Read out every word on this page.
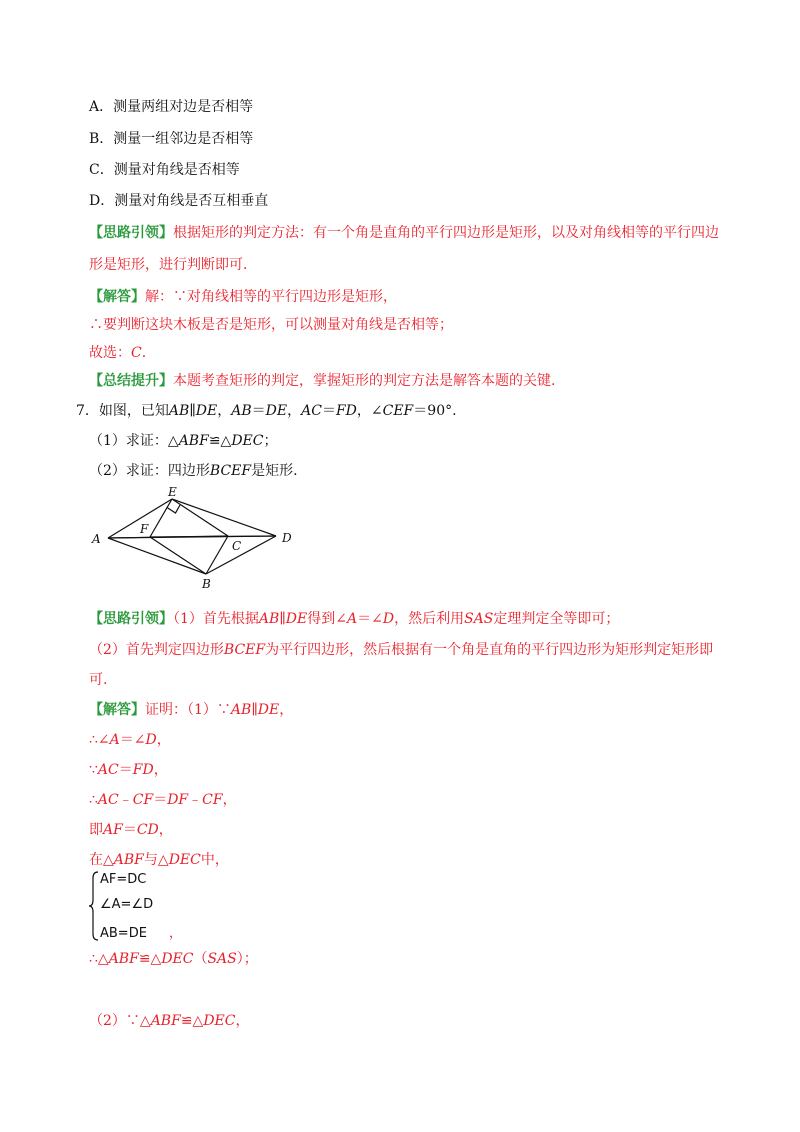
A．测量两组对边是否相等
B．测量一组邻边是否相等
C．测量对角线是否相等
D．测量对角线是否互相垂直
【思路引领】根据矩形的判定方法：有一个角是直角的平行四边形是矩形，以及对角线相等的平行四边
形是矩形，进行判断即可.
【解答】解：∵对角线相等的平行四边形是矩形，
∴要判断这块木板是否是矩形，可以测量对角线是否相等；
故选：C.
【总结提升】本题考查矩形的判定，掌握矩形的判定方法是解答本题的关键.
7．如图，已知AB∥DE，AB＝DE，AC＝FD，∠CEF＝90°.
（1）求证：△ABF≌△DEC；
（2）求证：四边形BCEF是矩形.
A
B
C
D
E
F
【思路引领】（1）首先根据AB∥DE得到∠A＝∠D，然后利用SAS定理判定全等即可；
（2）首先判定四边形BCEF为平行四边形，然后根据有一个角是直角的平行四边形为矩形判定矩形即
可.
【解答】证明：（1）∵AB∥DE，
∴∠A＝∠D，
∵AC＝FD，
∴AC﹣CF＝DF﹣CF，
即AF＝CD，
在△ABF与△DEC中，
AF=DC
∠A=∠D
AB=DE ，
∴△ABF≌△DEC（SAS）；
（2）∵△ABF≌△DEC，
